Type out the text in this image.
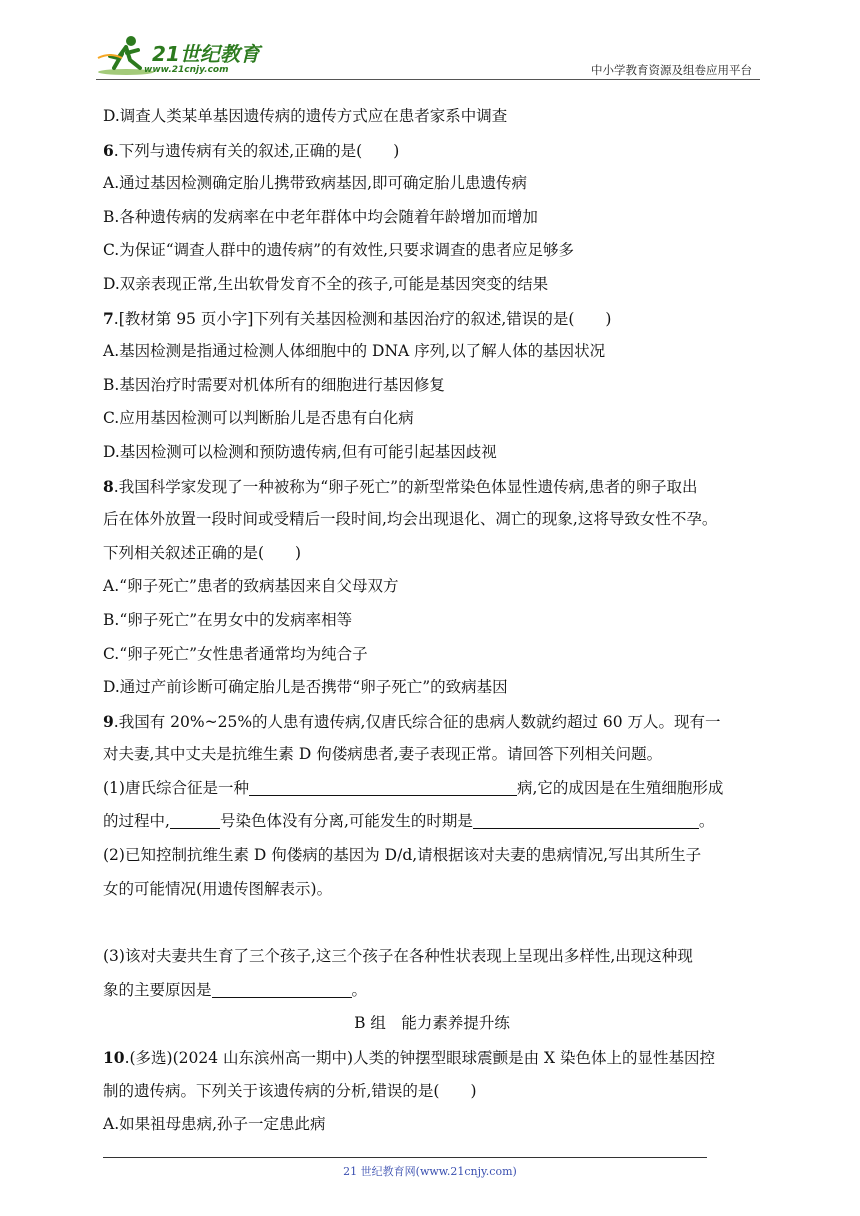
21世纪教育
www.21cnjy.com	中小学教育资源及组卷应用平台
D.调查人类某单基因遗传病的遗传方式应在患者家系中调查
6.下列与遗传病有关的叙述,正确的是(　　)
A.通过基因检测确定胎儿携带致病基因,即可确定胎儿患遗传病
B.各种遗传病的发病率在中老年群体中均会随着年龄增加而增加
C.为保证“调查人群中的遗传病”的有效性,只要求调查的患者应足够多
D.双亲表现正常,生出软骨发育不全的孩子,可能是基因突变的结果
7.[教材第 95 页小字]下列有关基因检测和基因治疗的叙述,错误的是(　　)
A.基因检测是指通过检测人体细胞中的 DNA 序列,以了解人体的基因状况
B.基因治疗时需要对机体所有的细胞进行基因修复
C.应用基因检测可以判断胎儿是否患有白化病
D.基因检测可以检测和预防遗传病,但有可能引起基因歧视
8.我国科学家发现了一种被称为“卵子死亡”的新型常染色体显性遗传病,患者的卵子取出
后在体外放置一段时间或受精后一段时间,均会出现退化、凋亡的现象,这将导致女性不孕。
下列相关叙述正确的是(　　)
A.“卵子死亡”患者的致病基因来自父母双方
B.“卵子死亡”在男女中的发病率相等
C.“卵子死亡”女性患者通常均为纯合子
D.通过产前诊断可确定胎儿是否携带“卵子死亡”的致病基因
9.我国有 20%~25%的人患有遗传病,仅唐氏综合征的患病人数就约超过 60 万人。现有一
对夫妻,其中丈夫是抗维生素 D 佝偻病患者,妻子表现正常。请回答下列相关问题。
(1)唐氏综合征是一种	病,它的成因是在生殖细胞形成
的过程中,	号染色体没有分离,可能发生的时期是	。
(2)已知控制抗维生素 D 佝偻病的基因为 D/d,请根据该对夫妻的患病情况,写出其所生子
女的可能情况(用遗传图解表示)。
(3)该对夫妻共生育了三个孩子,这三个孩子在各种性状表现上呈现出多样性,出现这种现
象的主要原因是	。
B 组　能力素养提升练
10.(多选)(2024 山东滨州高一期中)人类的钟摆型眼球震颤是由 X 染色体上的显性基因控
制的遗传病。下列关于该遗传病的分析,错误的是(　　)
A.如果祖母患病,孙子一定患此病
21 世纪教育网(www.21cnjy.com)
